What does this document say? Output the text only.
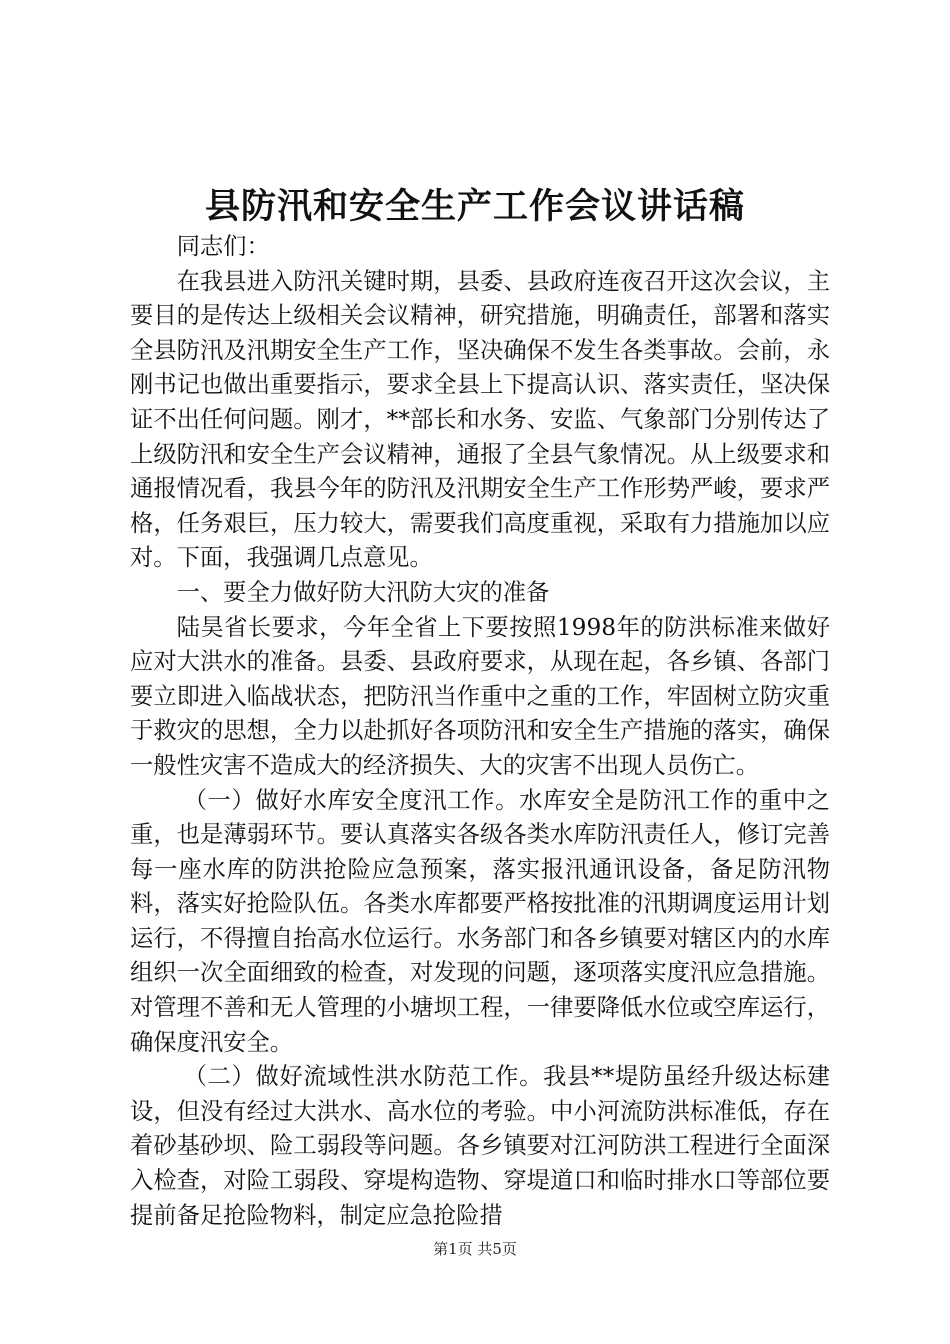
县防汛和安全生产工作会议讲话稿

同志们：

在我县进入防汛关键时期，县委、县政府连夜召开这次会议，主要目的是传达上级相关会议精神，研究措施，明确责任，部署和落实全县防汛及汛期安全生产工作，坚决确保不发生各类事故。会前，永刚书记也做出重要指示，要求全县上下提高认识、落实责任，坚决保证不出任何问题。刚才，**部长和水务、安监、气象部门分别传达了上级防汛和安全生产会议精神，通报了全县气象情况。从上级要求和通报情况看，我县今年的防汛及汛期安全生产工作形势严峻，要求严格，任务艰巨，压力较大，需要我们高度重视，采取有力措施加以应对。下面，我强调几点意见。

一、要全力做好防大汛防大灾的准备

陆昊省长要求，今年全省上下要按照1998年的防洪标准来做好应对大洪水的准备。县委、县政府要求，从现在起，各乡镇、各部门要立即进入临战状态，把防汛当作重中之重的工作，牢固树立防灾重于救灾的思想，全力以赴抓好各项防汛和安全生产措施的落实，确保一般性灾害不造成大的经济损失、大的灾害不出现人员伤亡。

（一）做好水库安全度汛工作。水库安全是防汛工作的重中之重，也是薄弱环节。要认真落实各级各类水库防汛责任人，修订完善每一座水库的防洪抢险应急预案，落实报汛通讯设备，备足防汛物料，落实好抢险队伍。各类水库都要严格按批准的汛期调度运用计划运行，不得擅自抬高水位运行。水务部门和各乡镇要对辖区内的水库组织一次全面细致的检查，对发现的问题，逐项落实度汛应急措施。对管理不善和无人管理的小塘坝工程，一律要降低水位或空库运行，确保度汛安全。

（二）做好流域性洪水防范工作。我县**堤防虽经升级达标建设，但没有经过大洪水、高水位的考验。中小河流防洪标准低，存在着砂基砂坝、险工弱段等问题。各乡镇要对江河防洪工程进行全面深入检查，对险工弱段、穿堤构造物、穿堤道口和临时排水口等部位要提前备足抢险物料，制定应急抢险措

第1页 共5页
